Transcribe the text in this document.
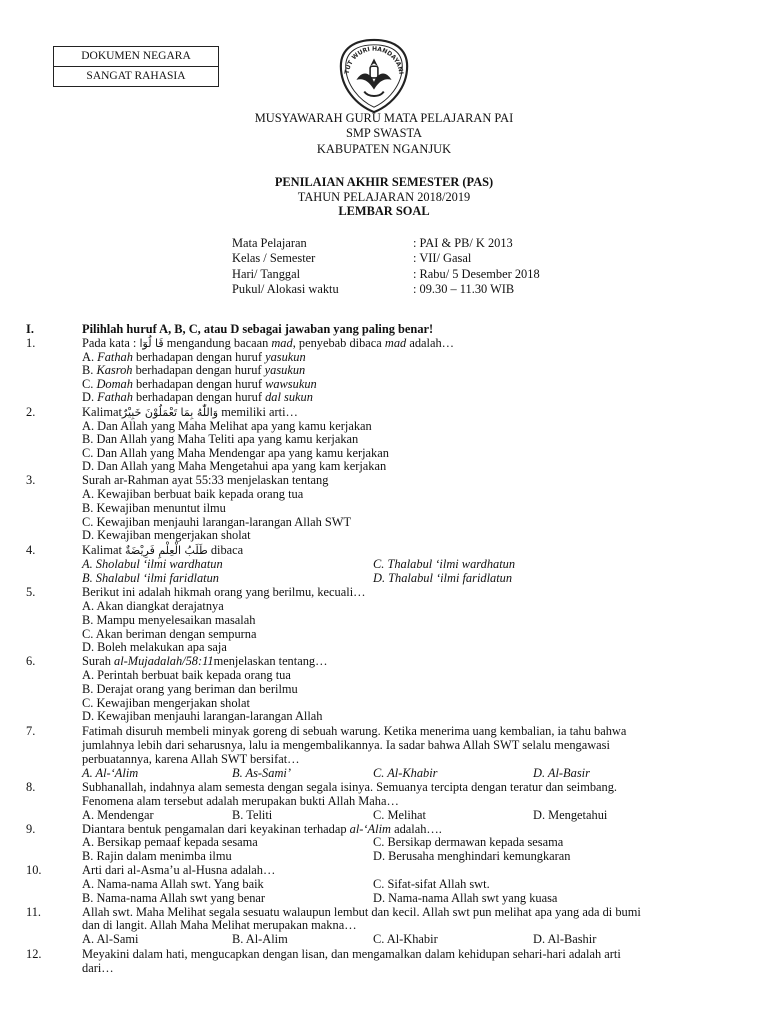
DOKUMEN NEGARA
SANGAT RAHASIA	TUT WURI HANDAYANI
MUSYAWARAH GURU MATA PELAJARAN PAI
SMP SWASTA
KABUPATEN NGANJUK
PENILAIAN AKHIR SEMESTER (PAS)
TAHUN PELAJARAN 2018/2019
LEMBAR SOAL
Mata Pelajaran	: PAI & PB/ K 2013
Kelas / Semester	: VII/ Gasal
Hari/ Tanggal	: Rabu/ 5 Desember 2018
Pukul/ Alokasi waktu	: 09.30 – 11.30 WIB
I.	Pilihlah huruf A, B, C, atau D sebagai jawaban yang paling benar!
1.	Pada kata : قَا لُوٓا mengandung bacaan mad, penyebab dibaca mad adalah…
A. Fathah berhadapan dengan huruf yasukun
B. Kasroh berhadapan dengan huruf yasukun
C. Domah berhadapan dengan huruf wawsukun
D. Fathah berhadapan dengan huruf dal sukun
2.	Kalimatوَاللّٰهُ بِمَا تَعْمَلُوْنَ خَبِيْرٌ memiliki arti…
A. Dan Allah yang Maha Melihat apa yang kamu kerjakan
B. Dan Allah yang Maha Teliti apa yang kamu kerjakan
C. Dan Allah yang Maha Mendengar apa yang kamu kerjakan
D. Dan Allah yang Maha Mengetahui apa yang kam kerjakan
3.	Surah ar-Rahman ayat 55:33 menjelaskan tentang
A. Kewajiban berbuat baik kepada orang tua
B. Kewajiban menuntut ilmu
C. Kewajiban menjauhi larangan-larangan Allah SWT
D. Kewajiban mengerjakan sholat
4.	Kalimat طَلَبُ الْعِلْمِ فَرِيْضَةٌ dibaca
A. Sholabul ‘ilmi wardhatun	C. Thalabul ‘ilmi wardhatun
B. Shalabul ‘ilmi faridlatun	D. Thalabul ‘ilmi faridlatun
5.	Berikut ini adalah hikmah orang yang berilmu, kecuali…
A. Akan diangkat derajatnya
B. Mampu menyelesaikan masalah
C. Akan beriman dengan sempurna
D. Boleh melakukan apa saja
6.	Surah al-Mujadalah/58:11menjelaskan tentang…
A. Perintah berbuat baik kepada orang tua
B. Derajat orang yang beriman dan berilmu
C. Kewajiban mengerjakan sholat
D. Kewajiban menjauhi larangan-larangan Allah
7.	Fatimah disuruh membeli minyak goreng di sebuah warung. Ketika menerima uang kembalian, ia tahu bahwa
jumlahnya lebih dari seharusnya, lalu ia mengembalikannya. Ia sadar bahwa Allah SWT selalu mengawasi
perbuatannya, karena Allah SWT bersifat…
A. Al-‘Alim	B. As-Sami’	C. Al-Khabir	D. Al-Basir
8.	Subhanallah, indahnya alam semesta dengan segala isinya. Semuanya tercipta dengan teratur dan seimbang.
Fenomena alam tersebut adalah merupakan bukti Allah Maha…
A. Mendengar	B. Teliti	C. Melihat	D. Mengetahui
9.	Diantara bentuk pengamalan dari keyakinan terhadap al-‘Alim adalah….
A. Bersikap pemaaf kepada sesama	C. Bersikap dermawan kepada sesama
B. Rajin dalam menimba ilmu	D. Berusaha menghindari kemungkaran
10.	Arti dari al-Asma’u al-Husna adalah…
A. Nama-nama Allah swt. Yang baik	C. Sifat-sifat Allah swt.
B. Nama-nama Allah swt yang benar	D. Nama-nama Allah swt yang kuasa
11.	Allah swt. Maha Melihat segala sesuatu walaupun lembut dan kecil. Allah swt pun melihat apa yang ada di bumi
dan di langit. Allah Maha Melihat merupakan makna…
A. Al-Sami	B. Al-Alim	C. Al-Khabir	D. Al-Bashir
12.	Meyakini dalam hati, mengucapkan dengan lisan, dan mengamalkan dalam kehidupan sehari-hari adalah arti
dari…
